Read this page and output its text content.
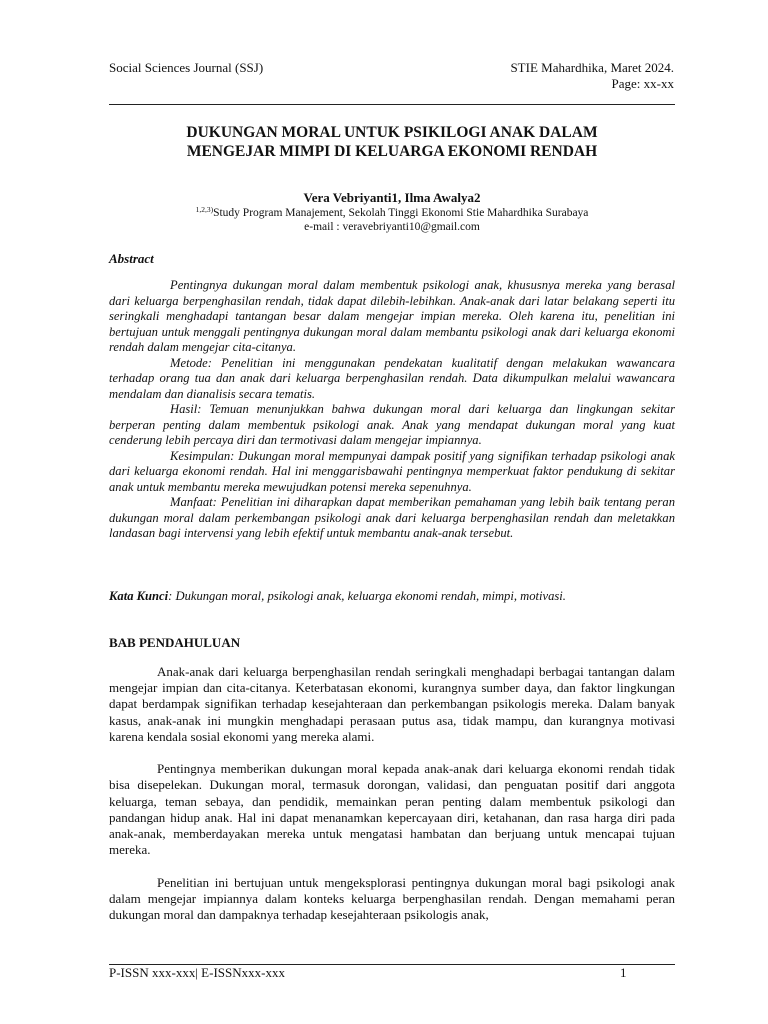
Social Sciences Journal (SSJ)	STIE Mahardhika, Maret 2024.
Page: xx-xx
DUKUNGAN MORAL UNTUK PSIKILOGI ANAK DALAM
MENGEJAR MIMPI DI KELUARGA EKONOMI RENDAH
Vera Vebriyanti1, Ilma Awalya2
$^{1,2,3)}$Study Program Manajement, Sekolah Tinggi Ekonomi Stie Mahardhika Surabaya
e-mail : veravebriyanti10@gmail.com
Abstract

Pentingnya dukungan moral dalam membentuk psikologi anak, khususnya mereka yang berasal dari keluarga berpenghasilan rendah, tidak dapat dilebih-lebihkan. Anak-anak dari latar belakang seperti itu seringkali menghadapi tantangan besar dalam mengejar impian mereka. Oleh karena itu, penelitian ini bertujuan untuk menggali pentingnya dukungan moral dalam membantu psikologi anak dari keluarga ekonomi rendah dalam mengejar cita-citanya.

Metode: Penelitian ini menggunakan pendekatan kualitatif dengan melakukan wawancara terhadap orang tua dan anak dari keluarga berpenghasilan rendah. Data dikumpulkan melalui wawancara mendalam dan dianalisis secara tematis.

Hasil: Temuan menunjukkan bahwa dukungan moral dari keluarga dan lingkungan sekitar berperan penting dalam membentuk psikologi anak. Anak yang mendapat dukungan moral yang kuat cenderung lebih percaya diri dan termotivasi dalam mengejar impiannya.

Kesimpulan: Dukungan moral mempunyai dampak positif yang signifikan terhadap psikologi anak dari keluarga ekonomi rendah. Hal ini menggarisbawahi pentingnya memperkuat faktor pendukung di sekitar anak untuk membantu mereka mewujudkan potensi mereka sepenuhnya.

Manfaat: Penelitian ini diharapkan dapat memberikan pemahaman yang lebih baik tentang peran dukungan moral dalam perkembangan psikologi anak dari keluarga berpenghasilan rendah dan meletakkan landasan bagi intervensi yang lebih efektif untuk membantu anak-anak tersebut.

Kata Kunci: Dukungan moral, psikologi anak, keluarga ekonomi rendah, mimpi, motivasi.
BAB PENDAHULUAN

Anak-anak dari keluarga berpenghasilan rendah seringkali menghadapi berbagai tantangan dalam mengejar impian dan cita-citanya. Keterbatasan ekonomi, kurangnya sumber daya, dan faktor lingkungan dapat berdampak signifikan terhadap kesejahteraan dan perkembangan psikologis mereka. Dalam banyak kasus, anak-anak ini mungkin menghadapi perasaan putus asa, tidak mampu, dan kurangnya motivasi karena kendala sosial ekonomi yang mereka alami.

Pentingnya memberikan dukungan moral kepada anak-anak dari keluarga ekonomi rendah tidak bisa disepelekan. Dukungan moral, termasuk dorongan, validasi, dan penguatan positif dari anggota keluarga, teman sebaya, dan pendidik, memainkan peran penting dalam membentuk psikologi dan pandangan hidup anak. Hal ini dapat menanamkan kepercayaan diri, ketahanan, dan rasa harga diri pada anak-anak, memberdayakan mereka untuk mengatasi hambatan dan berjuang untuk mencapai tujuan mereka.

Penelitian ini bertujuan untuk mengeksplorasi pentingnya dukungan moral bagi psikologi anak dalam mengejar impiannya dalam konteks keluarga berpenghasilan rendah. Dengan memahami peran dukungan moral dan dampaknya terhadap kesejahteraan psikologis anak,

P-ISSN xxx-xxx| E-ISSNxxx-xxx	1
